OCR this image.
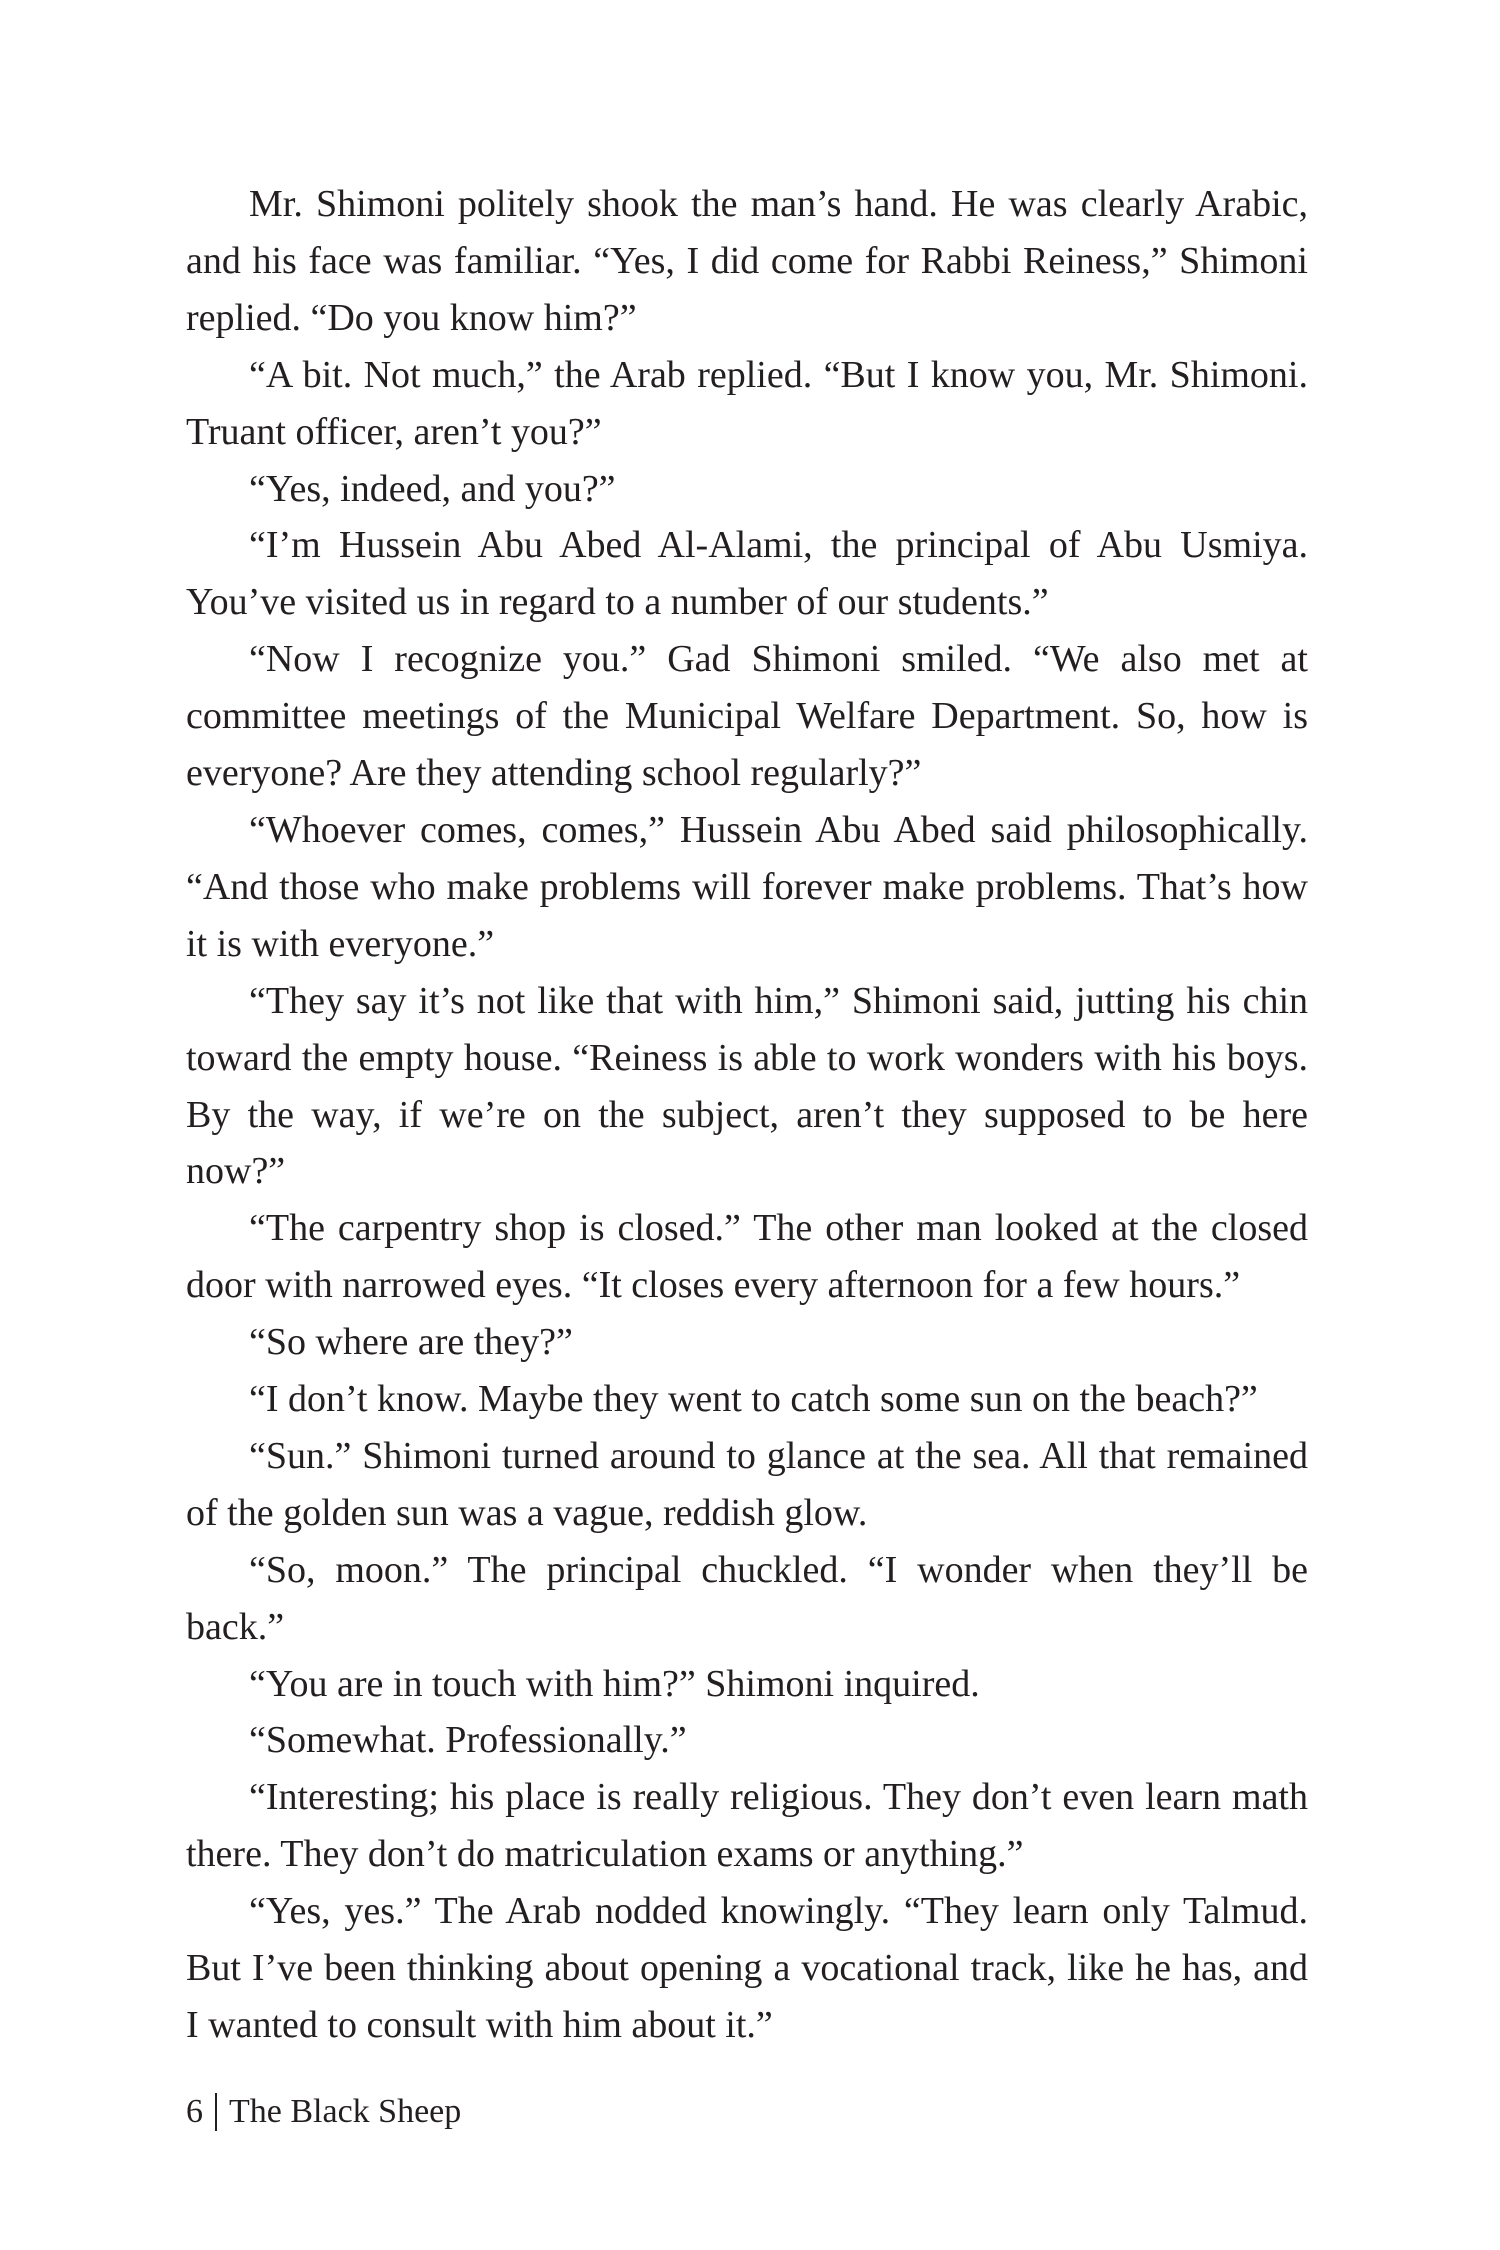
Mr. Shimoni politely shook the man’s hand. He was clearly Arabic, and his face was familiar. “Yes, I did come for Rabbi Reiness,” Shimoni replied. “Do you know him?”

“A bit. Not much,” the Arab replied. “But I know you, Mr. Shimoni. Truant officer, aren’t you?”

“Yes, indeed, and you?”

“I’m Hussein Abu Abed Al-Alami, the principal of Abu Usmiya. You’ve visited us in regard to a number of our students.”

“Now I recognize you.” Gad Shimoni smiled. “We also met at committee meetings of the Municipal Welfare Department. So, how is everyone? Are they attending school regularly?”

“Whoever comes, comes,” Hussein Abu Abed said philosophically. “And those who make problems will forever make problems. That’s how it is with everyone.”

“They say it’s not like that with him,” Shimoni said, jutting his chin toward the empty house. “Reiness is able to work wonders with his boys. By the way, if we’re on the subject, aren’t they supposed to be here now?”

“The carpentry shop is closed.” The other man looked at the closed door with narrowed eyes. “It closes every afternoon for a few hours.”

“So where are they?”

“I don’t know. Maybe they went to catch some sun on the beach?”

“Sun.” Shimoni turned around to glance at the sea. All that remained of the golden sun was a vague, reddish glow.

“So, moon.” The principal chuckled. “I wonder when they’ll be back.”

“You are in touch with him?” Shimoni inquired.

“Somewhat. Professionally.”

“Interesting; his place is really religious. They don’t even learn math there. They don’t do matriculation exams or anything.”

“Yes, yes.” The Arab nodded knowingly. “They learn only Talmud. But I’ve been thinking about opening a vocational track, like he has, and I wanted to consult with him about it.”

6 The Black Sheep
